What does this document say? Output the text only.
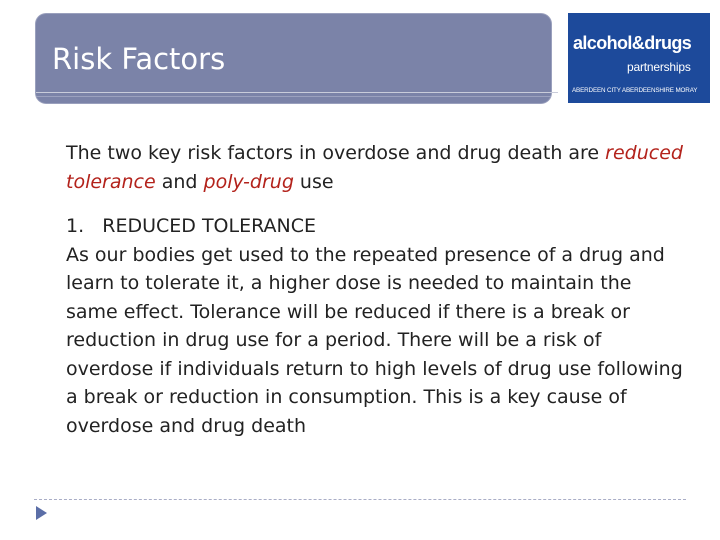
Risk Factors	alcohol&drugs
partnerships
ABERDEEN CITY ABERDEENSHIRE MORAY

The two key risk factors in overdose and drug death are reduced tolerance and poly-drug use

1. REDUCED TOLERANCE

As our bodies get used to the repeated presence of a drug and learn to tolerate it, a higher dose is needed to maintain the same effect. Tolerance will be reduced if there is a break or reduction in drug use for a period. There will be a risk of overdose if individuals return to high levels of drug use following a break or reduction in consumption. This is a key cause of overdose and drug death
